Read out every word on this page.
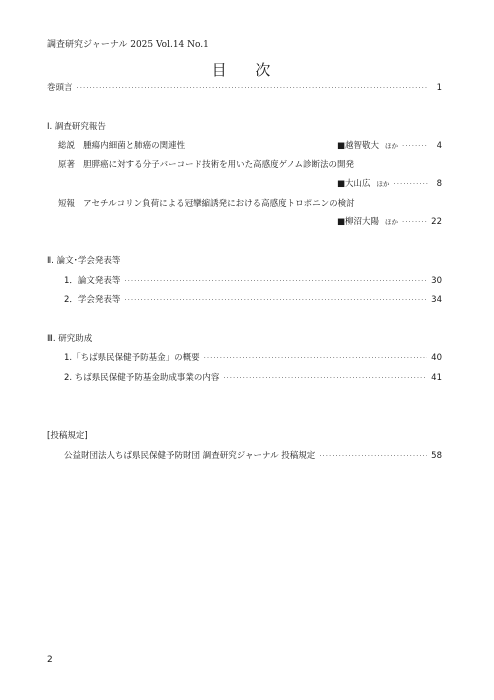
調査研究ジャーナル 2025 Vol.14 No.1
目 次
巻頭言 ·····	1
Ⅰ. 調査研究報告
総説 腫瘍内細菌と肺癌の関連性	■越智敬大 ほか ·····	4
原著 胆膵癌に対する分子バーコード技術を用いた高感度ゲノム診断法の開発
■大山広 ほか ·····	8
短報 アセチルコリン負荷による冠攣縮誘発における高感度トロポニンの検討
■柳沼大陽 ほか ·····	22
Ⅱ. 論文･学会発表等
1．論文発表等 ·····	30
2．学会発表等 ·····	34
Ⅲ. 研究助成
1.「ちば県民保健予防基金」の概要 ·····	40
2. ちば県民保健予防基金助成事業の内容 ·····	41
[投稿規定]
公益財団法人ちば県民保健予防財団 調査研究ジャーナル 投稿規定 ·····	58
2
